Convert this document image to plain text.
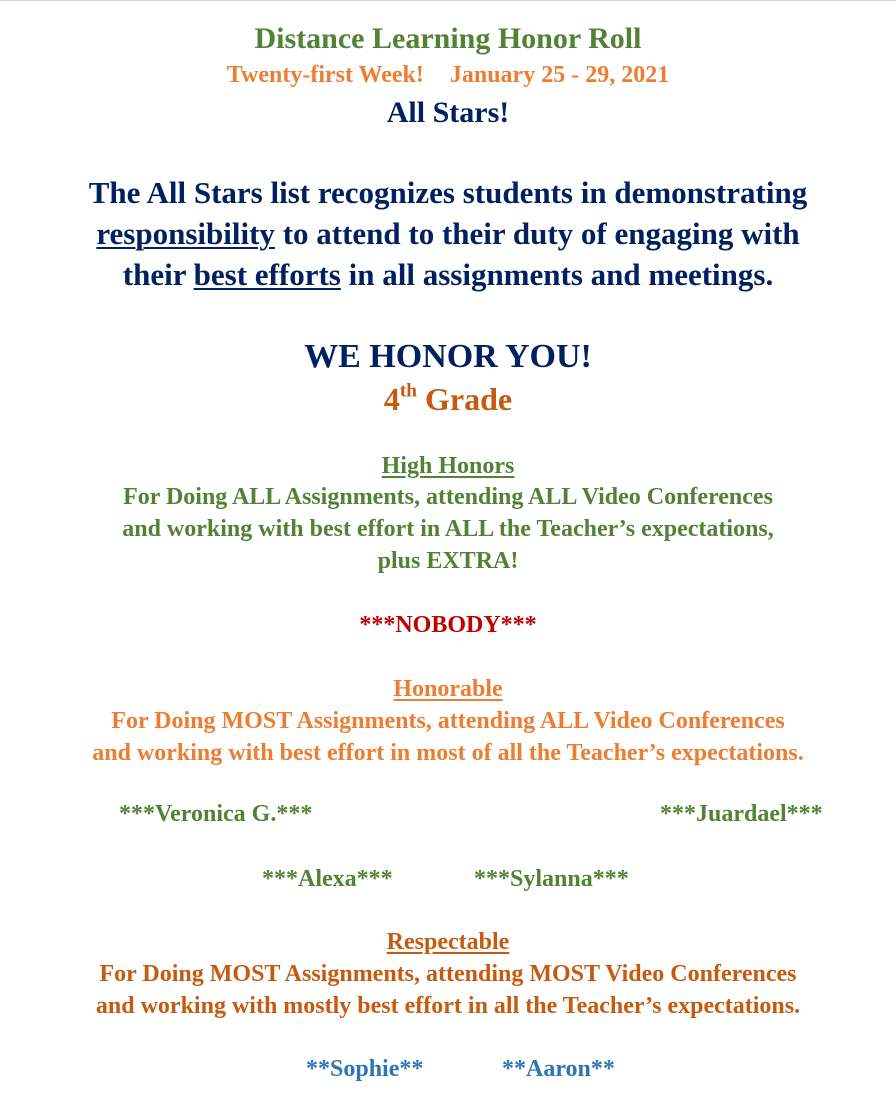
Distance Learning Honor Roll
Twenty-first Week! January 25 - 29, 2021
All Stars!
The All Stars list recognizes students in demonstrating
responsibility to attend to their duty of engaging with
their best efforts in all assignments and meetings.
WE HONOR YOU!
4th Grade
High Honors
For Doing ALL Assignments, attending ALL Video Conferences
and working with best effort in ALL the Teacher’s expectations,
plus EXTRA!
***NOBODY***
Honorable
For Doing MOST Assignments, attending ALL Video Conferences
and working with best effort in most of all the Teacher’s expectations.
***Veronica G.***	***Juardael***
***Alexa***	***Sylanna***
Respectable
For Doing MOST Assignments, attending MOST Video Conferences
and working with mostly best effort in all the Teacher’s expectations.
**Sophie**	**Aaron**
